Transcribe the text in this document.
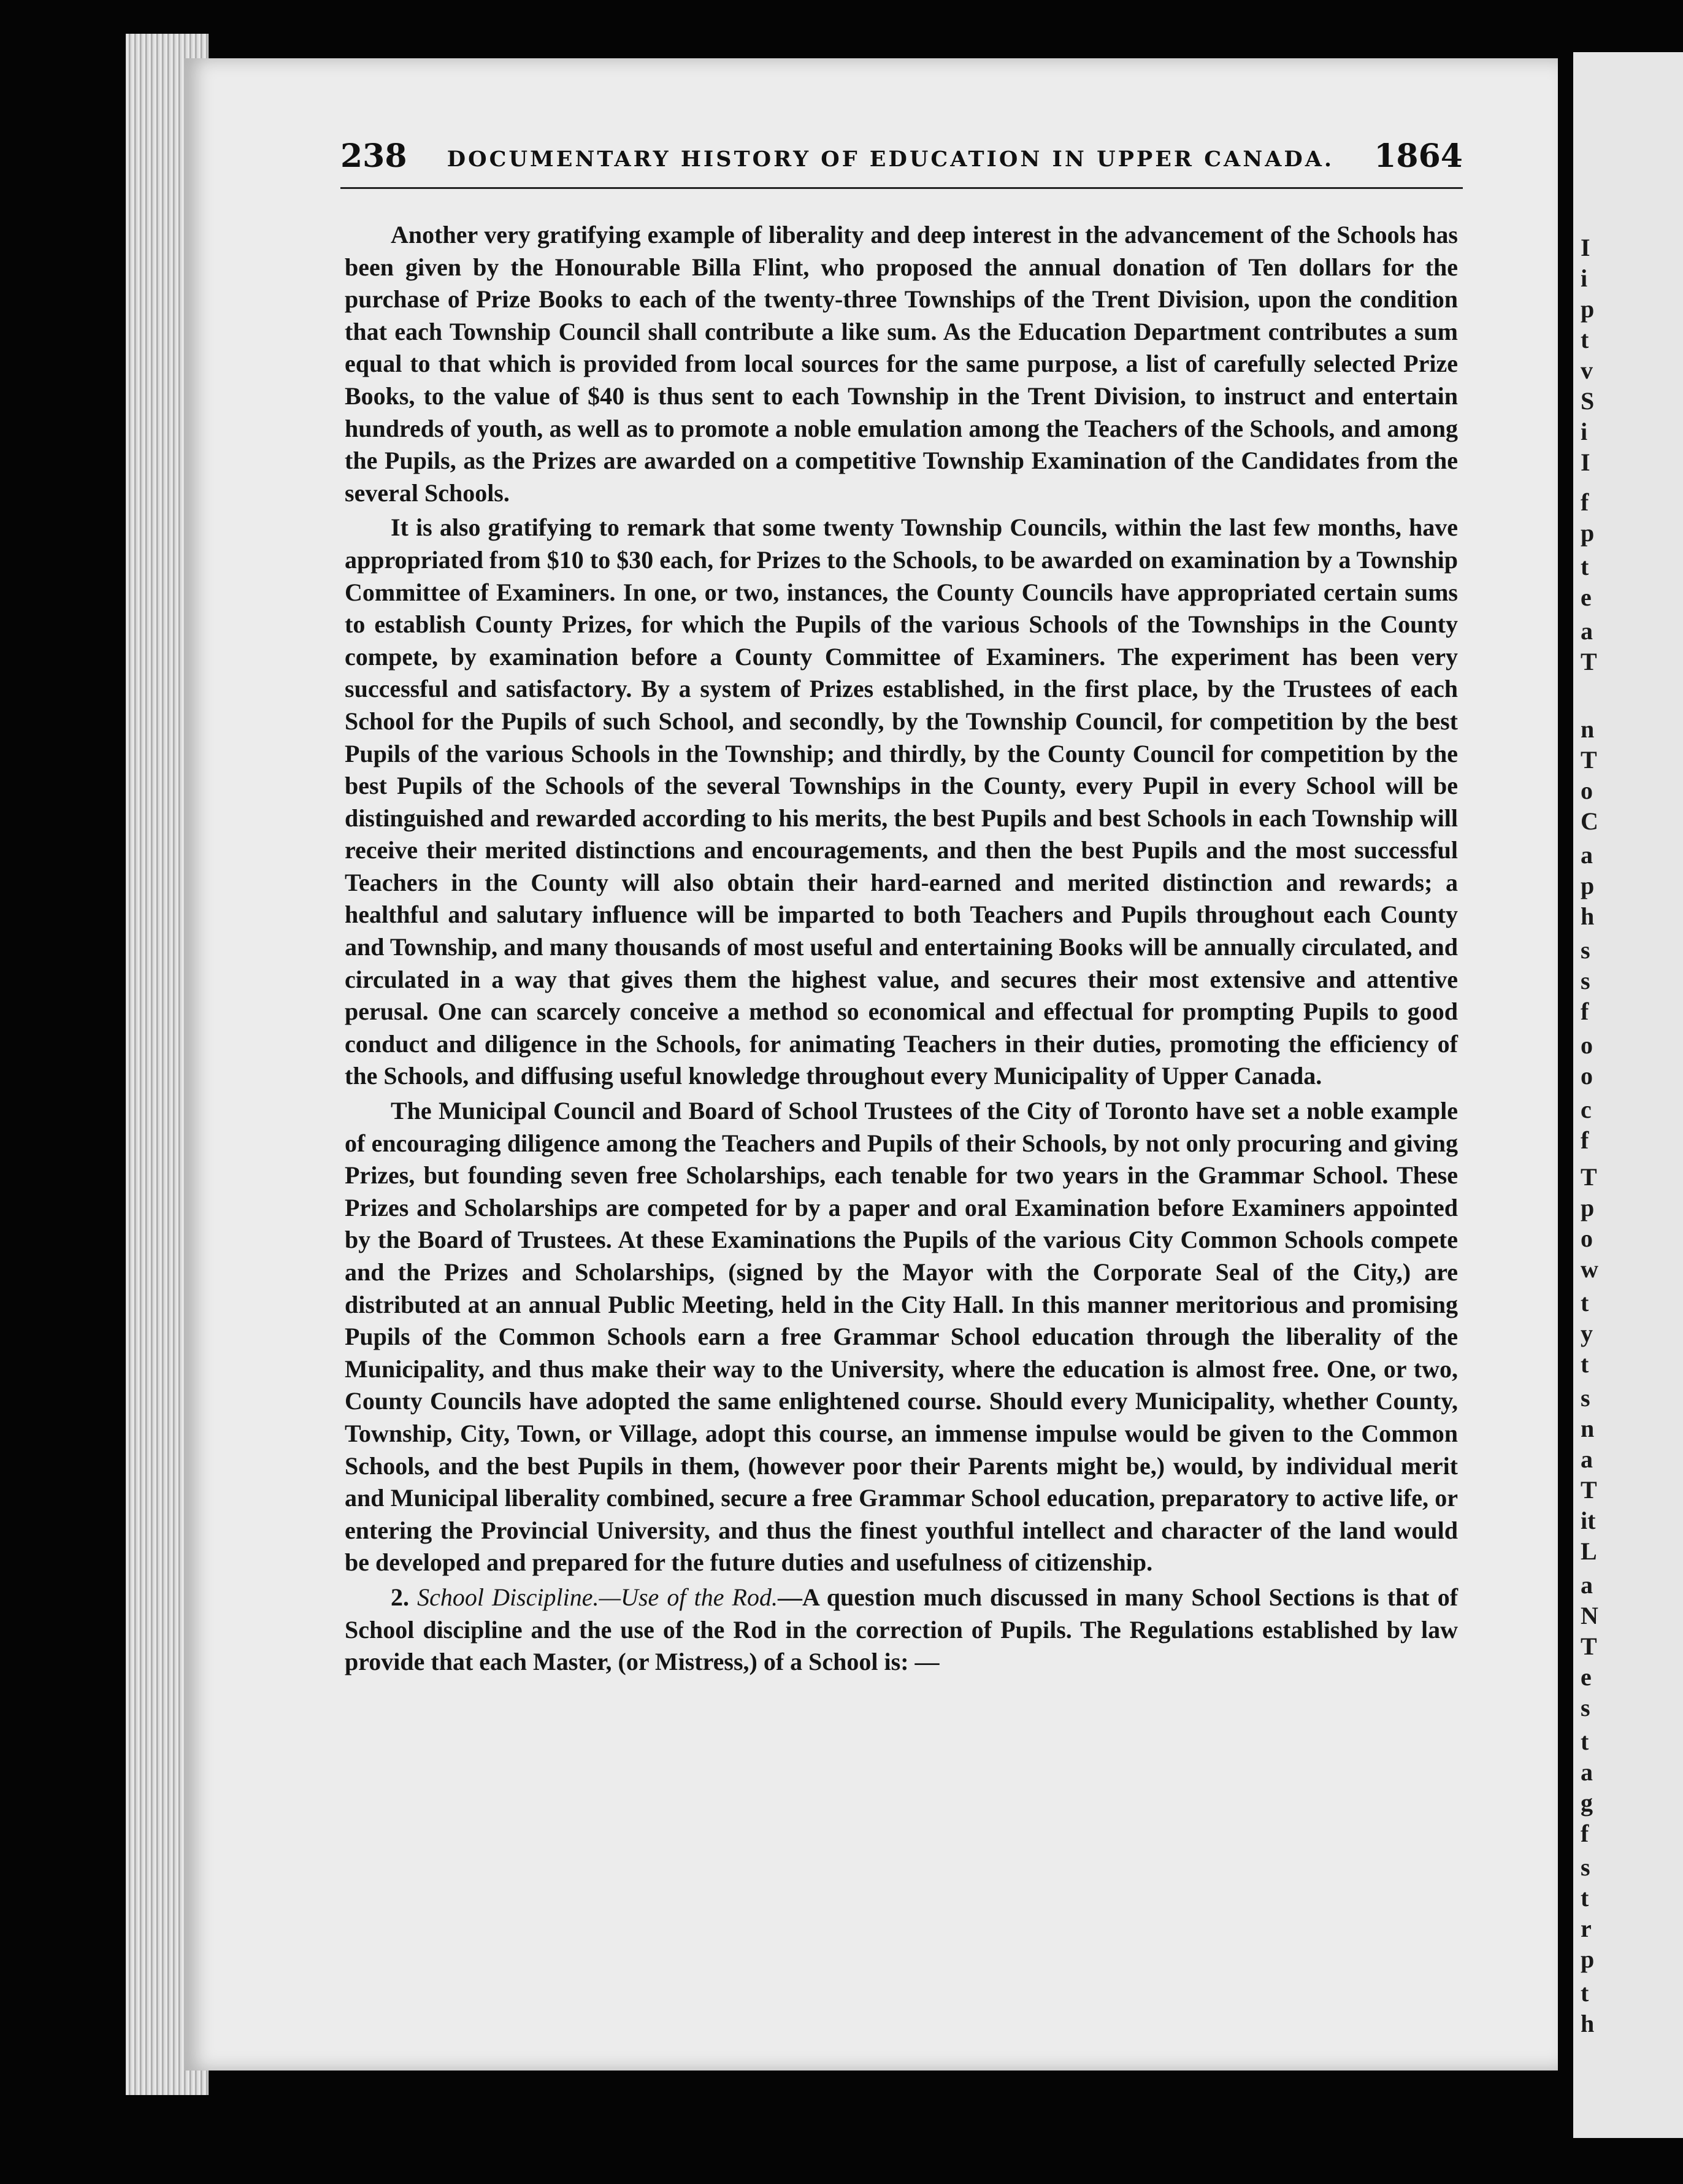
238 DOCUMENTARY HISTORY OF EDUCATION IN UPPER CANADA. 1864

Another very gratifying example of liberality and deep interest in the advancement of the Schools has been given by the Honourable Billa Flint, who proposed the annual donation of Ten dollars for the purchase of Prize Books to each of the twenty-three Townships of the Trent Division, upon the condition that each Township Council shall contribute a like sum. As the Education Department contributes a sum equal to that which is provided from local sources for the same purpose, a list of carefully selected Prize Books, to the value of $40 is thus sent to each Township in the Trent Division, to instruct and entertain hundreds of youth, as well as to promote a noble emulation among the Teachers of the Schools, and among the Pupils, as the Prizes are awarded on a competitive Township Examination of the Candidates from the several Schools.

It is also gratifying to remark that some twenty Township Councils, within the last few months, have appropriated from $10 to $30 each, for Prizes to the Schools, to be awarded on examination by a Township Committee of Examiners. In one, or two, instances, the County Councils have appropriated certain sums to establish County Prizes, for which the Pupils of the various Schools of the Townships in the County compete, by examination before a County Committee of Examiners. The experiment has been very successful and satisfactory. By a system of Prizes established, in the first place, by the Trustees of each School for the Pupils of such School, and secondly, by the Township Council, for competition by the best Pupils of the various Schools in the Township; and thirdly, by the County Council for competition by the best Pupils of the Schools of the several Townships in the County, every Pupil in every School will be distinguished and rewarded according to his merits, the best Pupils and best Schools in each Township will receive their merited distinctions and encouragements, and then the best Pupils and the most successful Teachers in the County will also obtain their hard-earned and merited distinction and rewards; a healthful and salutary influence will be imparted to both Teachers and Pupils throughout each County and Township, and many thousands of most useful and entertaining Books will be annually circulated, and circulated in a way that gives them the highest value, and secures their most extensive and attentive perusal. One can scarcely conceive a method so economical and effectual for prompting Pupils to good conduct and diligence in the Schools, for animating Teachers in their duties, promoting the efficiency of the Schools, and diffusing useful knowledge throughout every Municipality of Upper Canada.

The Municipal Council and Board of School Trustees of the City of Toronto have set a noble example of encouraging diligence among the Teachers and Pupils of their Schools, by not only procuring and giving Prizes, but founding seven free Scholarships, each tenable for two years in the Grammar School. These Prizes and Scholarships are competed for by a paper and oral Examination before Examiners appointed by the Board of Trustees. At these Examinations the Pupils of the various City Common Schools compete and the Prizes and Scholarships, (signed by the Mayor with the Corporate Seal of the City,) are distributed at an annual Public Meeting, held in the City Hall. In this manner meritorious and promising Pupils of the Common Schools earn a free Grammar School education through the liberality of the Municipality, and thus make their way to the University, where the education is almost free. One, or two, County Councils have adopted the same enlightened course. Should every Municipality, whether County, Township, City, Town, or Village, adopt this course, an immense impulse would be given to the Common Schools, and the best Pupils in them, (however poor their Parents might be,) would, by individual merit and Municipal liberality combined, secure a free Grammar School education, preparatory to active life, or entering the Provincial University, and thus the finest youthful intellect and character of the land would be developed and prepared for the future duties and usefulness of citizenship.

2. School Discipline.—Use of the Rod.—A question much discussed in many School Sections is that of School discipline and the use of the Rod in the correction of Pupils. The Regulations established by law provide that each Master, (or Mistress,) of a School is: —

I
i
p
t
v
S
i
I
f
p
t
e
a
T
n
T
o
C
a
p
h
s
s
f
o
o
c
f
T
p
o
w
t
y
t
s
n
a
T
it
L
a
N
T
e
s
t
a
g
f
s
t
r
p
t
h
